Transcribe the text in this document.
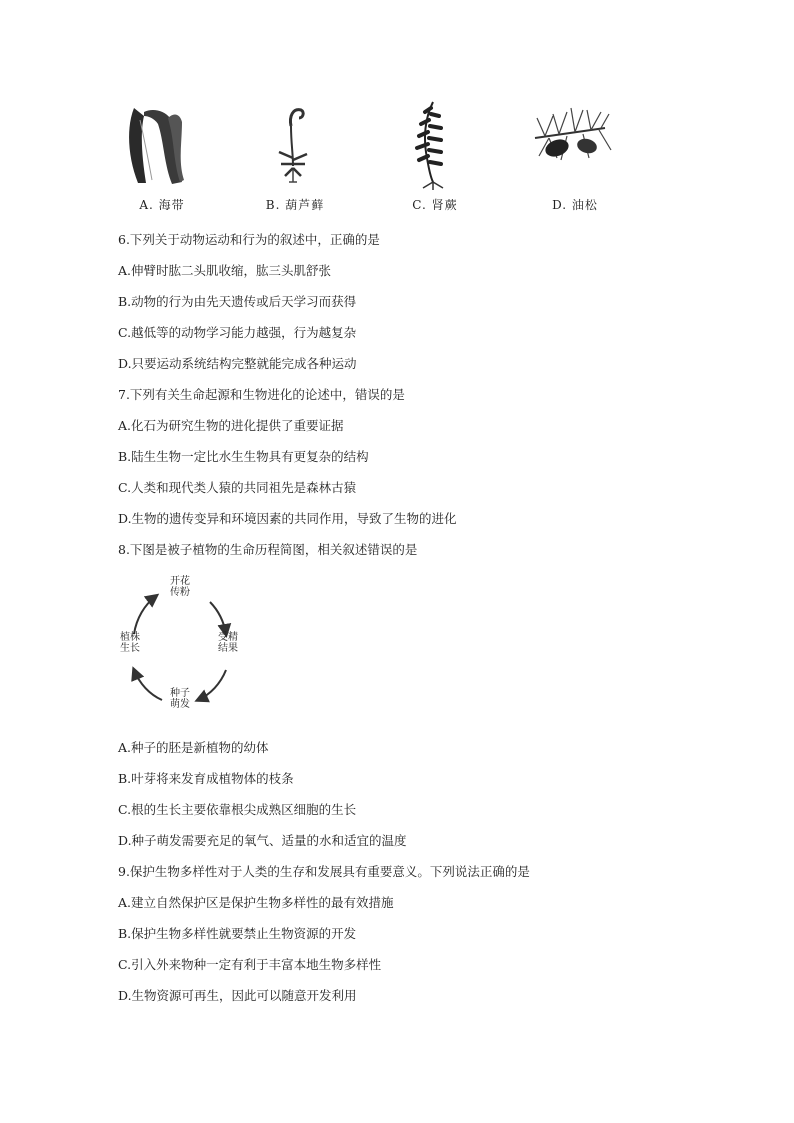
A. 海带	B. 葫芦藓	C. 肾蕨	D. 油松
6.下列关于动物运动和行为的叙述中，正确的是
A.伸臂时肱二头肌收缩，肱三头肌舒张
B.动物的行为由先天遗传或后天学习而获得
C.越低等的动物学习能力越强，行为越复杂
D.只要运动系统结构完整就能完成各种运动
7.下列有关生命起源和生物进化的论述中，错误的是
A.化石为研究生物的进化提供了重要证据
B.陆生生物一定比水生生物具有更复杂的结构
C.人类和现代类人猿的共同祖先是森林古猿
D.生物的遗传变异和环境因素的共同作用，导致了生物的进化
8.下图是被子植物的生命历程简图，相关叙述错误的是
开花
传粉
受精
结果
种子
萌发
植株
生长
A.种子的胚是新植物的幼体
B.叶芽将来发育成植物体的枝条
C.根的生长主要依靠根尖成熟区细胞的生长
D.种子萌发需要充足的氧气、适量的水和适宜的温度
9.保护生物多样性对于人类的生存和发展具有重要意义。下列说法正确的是
A.建立自然保护区是保护生物多样性的最有效措施
B.保护生物多样性就要禁止生物资源的开发
C.引入外来物种一定有利于丰富本地生物多样性
D.生物资源可再生，因此可以随意开发利用
